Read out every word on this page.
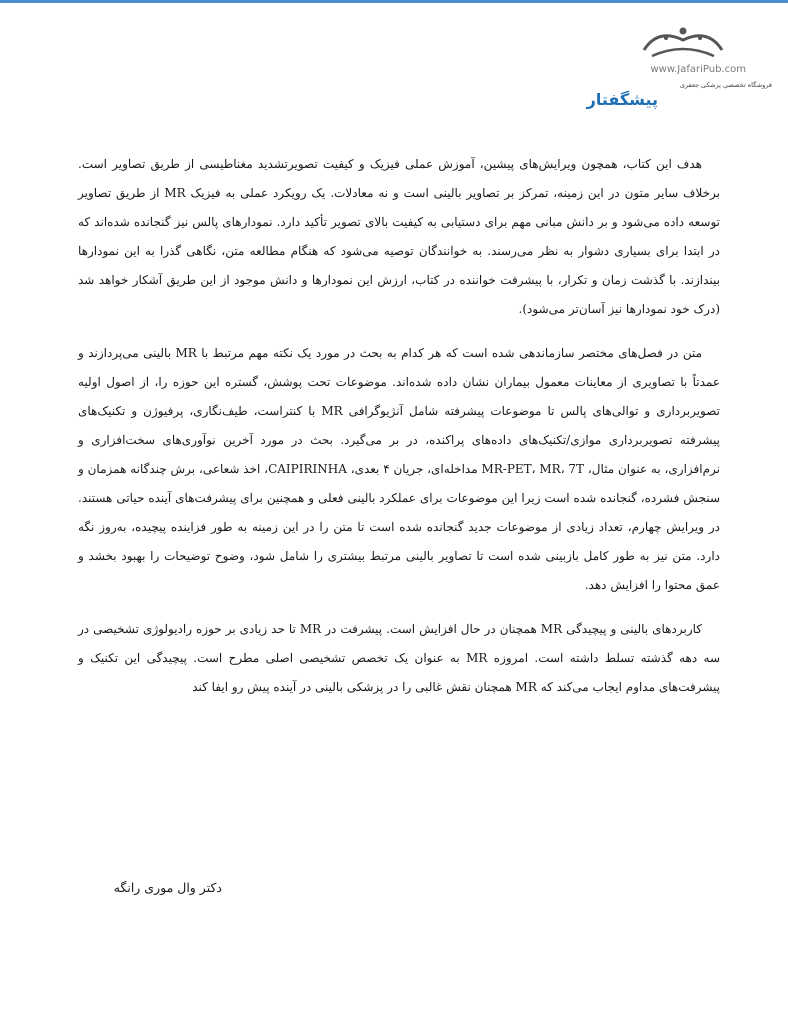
www.JafariPub.com
فروشگاه تخصصی پزشکی جعفری
پیشگفتار

هدف این کتاب، همچون ویرایش‌های پیشین، آموزش عملی فیزیک و کیفیت تصویرتشدید مغناطیسی از طریق تصاویر است. برخلاف سایر متون در این زمینه، تمرکز بر تصاویر بالینی است و نه معادلات. یک رویکرد عملی به فیزیک MR از طریق تصاویر توسعه داده می‌شود و بر دانش مبانی مهم برای دستیابی به کیفیت بالای تصویر تأکید دارد. نمودارهای پالس نیز گنجانده شده‌اند که در ابتدا برای بسیاری دشوار به نظر می‌رسند. به خوانندگان توصیه می‌شود که هنگام مطالعه متن، نگاهی گذرا به این نمودارها بیندازند. با گذشت زمان و تکرار، با پیشرفت خواننده در کتاب، ارزش این نمودارها و دانش موجود از این طریق آشکار خواهد شد (درک خود نمودارها نیز آسان‌تر می‌شود).

متن در فصل‌های مختصر سازماندهی شده است که هر کدام به بحث در مورد یک نکته مهم مرتبط با MR بالینی می‌پردازند و عمدتاً با تصاویری از معاینات معمول بیماران نشان داده شده‌اند. موضوعات تحت پوشش، گستره این حوزه را، از اصول اولیه تصویربرداری و توالی‌های پالس تا موضوعات پیشرفته شامل آنژیوگرافی MR با کنتراست، طیف‌نگاری، پرفیوژن و تکنیک‌های پیشرفته تصویربرداری موازی/تکنیک‌های داده‌های پراکنده، در بر می‌گیرد. بحث در مورد آخرین نوآوری‌های سخت‌افزاری و نرم‌افزاری، به عنوان مثال، MR-PET، MR، 7T مداخله‌ای، جریان ۴ بعدی، CAIPIRINHA، اخذ شعاعی، برش چندگانه همزمان و سنجش فشرده، گنجانده شده است زیرا این موضوعات برای عملکرد بالینی فعلی و همچنین برای پیشرفت‌های آینده حیاتی هستند. در ویرایش چهارم، تعداد زیادی از موضوعات جدید گنجانده شده است تا متن را در این زمینه به طور فزاینده پیچیده، به‌روز نگه دارد. متن نیز به طور کامل بازبینی شده است تا تصاویر بالینی مرتبط بیشتری را شامل شود، وضوح توضیحات را بهبود بخشد و عمق محتوا را افزایش دهد.

کاربردهای بالینی و پیچیدگی MR همچنان در حال افزایش است. پیشرفت در MR تا حد زیادی بر حوزه رادیولوژی تشخیصی در سه دهه گذشته تسلط داشته است. امروزه MR به عنوان یک تخصص تشخیصی اصلی مطرح است. پیچیدگی این تکنیک و پیشرفت‌های مداوم ایجاب می‌کند که MR همچنان نقش غالبی را در پزشکی بالینی در آینده پیش رو ایفا کند

دکتر وال موری رانگه
